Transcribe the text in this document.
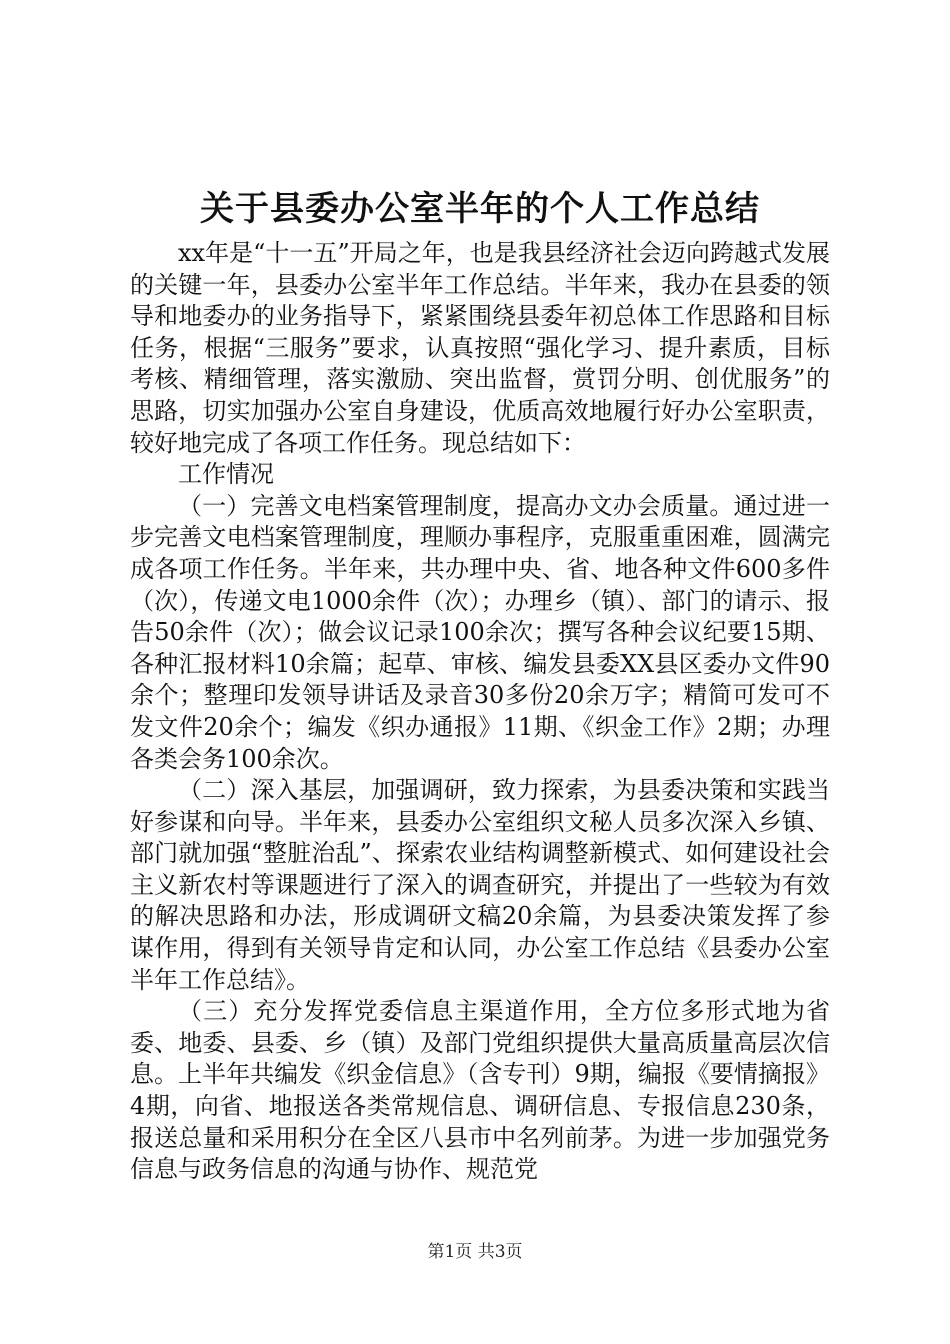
关于县委办公室半年的个人工作总结

xx年是“十一五”开局之年，也是我县经济社会迈向跨越式发展的关键一年，县委办公室半年工作总结。半年来，我办在县委的领导和地委办的业务指导下，紧紧围绕县委年初总体工作思路和目标任务，根据“三服务”要求，认真按照“强化学习、提升素质，目标考核、精细管理，落实激励、突出监督，赏罚分明、创优服务”的思路，切实加强办公室自身建设，优质高效地履行好办公室职责，较好地完成了各项工作任务。现总结如下：

工作情况

（一）完善文电档案管理制度，提高办文办会质量。通过进一步完善文电档案管理制度，理顺办事程序，克服重重困难，圆满完成各项工作任务。半年来，共办理中央、省、地各种文件600多件（次），传递文电1000余件（次）；办理乡（镇）、部门的请示、报告50余件（次）；做会议记录100余次；撰写各种会议纪要15期、各种汇报材料10余篇；起草、审核、编发县委XX县区委办文件90余个；整理印发领导讲话及录音30多份20余万字；精简可发可不发文件20余个；编发《织办通报》11期、《织金工作》2期；办理各类会务100余次。

（二）深入基层，加强调研，致力探索，为县委决策和实践当好参谋和向导。半年来，县委办公室组织文秘人员多次深入乡镇、部门就加强“整脏治乱”、探索农业结构调整新模式、如何建设社会主义新农村等课题进行了深入的调查研究，并提出了一些较为有效的解决思路和办法，形成调研文稿20余篇，为县委决策发挥了参谋作用，得到有关领导肯定和认同，办公室工作总结《县委办公室半年工作总结》。

（三）充分发挥党委信息主渠道作用，全方位多形式地为省委、地委、县委、乡（镇）及部门党组织提供大量高质量高层次信息。上半年共编发《织金信息》（含专刊）9期，编报《要情摘报》4期，向省、地报送各类常规信息、调研信息、专报信息230条，报送总量和采用积分在全区八县市中名列前茅。为进一步加强党务信息与政务信息的沟通与协作、规范党

第1页 共3页
